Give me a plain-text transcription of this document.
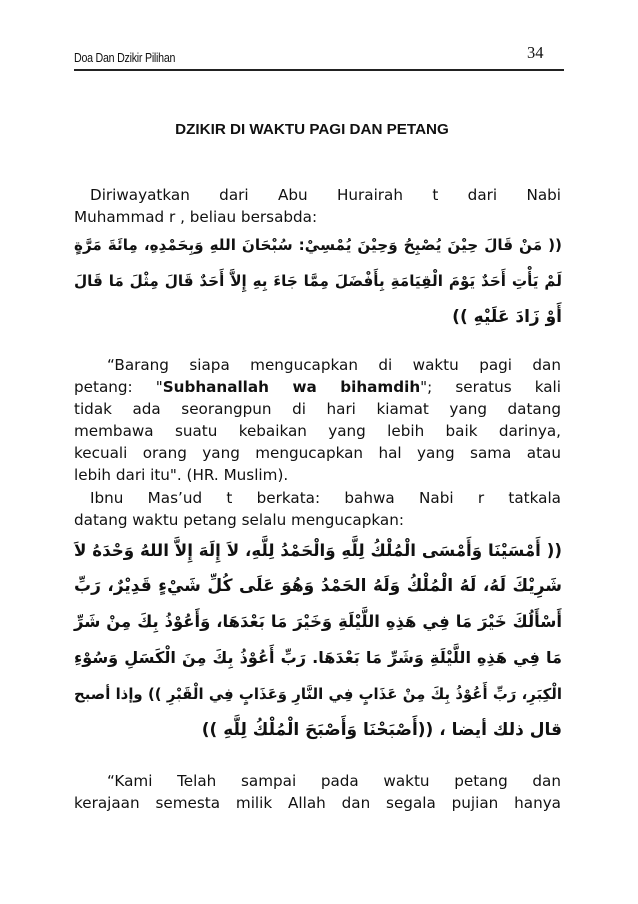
Doa Dan Dzikir Pilihan	34
DZIKIR DI WAKTU PAGI DAN PETANG
Diriwayatkan dari Abu Hurairah t dari Nabi
Muhammad r , beliau bersabda:
(( مَنْ قَالَ حِيْنَ يُصْبِحُ وَحِيْنَ يُمْسِيْ: سُبْحَانَ اللهِ وَبِحَمْدِهِ، مِائَةَ مَرَّةٍ
لَمْ يَأْتِ أَحَدٌ يَوْمَ الْقِيَامَةِ بِأَفْضَلَ مِمَّا جَاءَ بِهِ إِلاَّ أَحَدٌ قَالَ مِثْلَ مَا قَالَ
أَوْ زَادَ عَلَيْهِ ))
“Barang siapa mengucapkan di waktu pagi dan
petang: "Subhanallah wa bihamdih"; seratus kali
tidak ada seorangpun di hari kiamat yang datang
membawa suatu kebaikan yang lebih baik darinya,
kecuali orang yang mengucapkan hal yang sama atau
lebih dari itu". (HR. Muslim).
Ibnu Mas’ud t berkata: bahwa Nabi r tatkala
datang waktu petang selalu mengucapkan:
(( أَمْسَيْنَا وَأَمْسَى الْمُلْكُ لِلَّهِ وَالْحَمْدُ لِلَّهِ، لاَ إِلَهَ إِلاَّ اللهُ وَحْدَهُ لاَ
شَرِيْكَ لَهُ، لَهُ الْمُلْكُ وَلَهُ الحَمْدُ وَهُوَ عَلَى كُلِّ شَيْءٍ قَدِيْرٌ، رَبِّ
أَسْأَلُكَ خَيْرَ مَا فِي هَذِهِ اللَّيْلَةِ وَخَيْرَ مَا بَعْدَهَا، وَأَعُوْذُ بِكَ مِنْ شَرِّ
مَا فِي هَذِهِ اللَّيْلَةِ وَشَرِّ مَا بَعْدَهَا. رَبِّ أَعُوْذُ بِكَ مِنَ الْكَسَلِ وَسُوْءِ
الْكِبَرِ، رَبِّ أَعُوْذُ بِكَ مِنْ عَذَابٍ فِي النَّارِ وَعَذَابٍ فِي الْقَبْرِ )) وإذا أصبح
قال ذلك أيضا ، ((أَصْبَحْنَا وَأَصْبَحَ الْمُلْكُ لِلَّهِ ))
“Kami Telah sampai pada waktu petang dan
kerajaan semesta milik Allah dan segala pujian hanya
